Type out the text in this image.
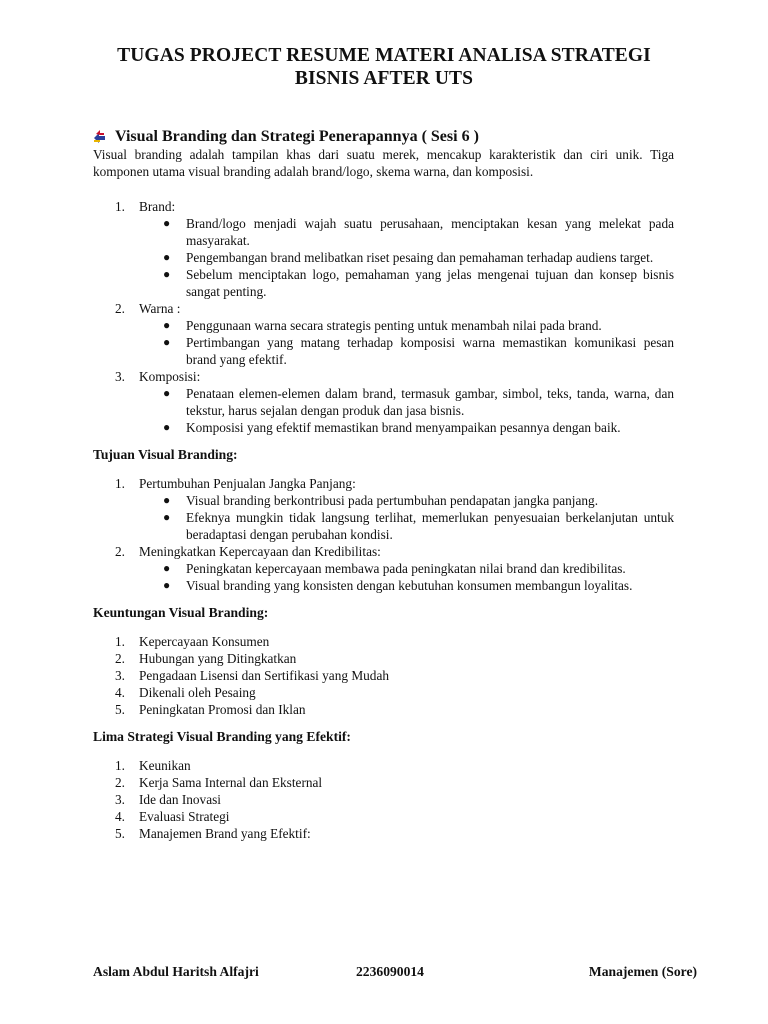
TUGAS PROJECT RESUME MATERI ANALISA STRATEGI
BISNIS AFTER UTS
Visual Branding dan Strategi Penerapannya ( Sesi 6 )
Visual branding adalah tampilan khas dari suatu merek, mencakup karakteristik dan ciri unik. Tiga komponen utama visual branding adalah brand/logo, skema warna, dan komposisi.
1. Brand:
● Brand/logo menjadi wajah suatu perusahaan, menciptakan kesan yang melekat pada masyarakat.
● Pengembangan brand melibatkan riset pesaing dan pemahaman terhadap audiens target.
● Sebelum menciptakan logo, pemahaman yang jelas mengenai tujuan dan konsep bisnis sangat penting.
2. Warna :
● Penggunaan warna secara strategis penting untuk menambah nilai pada brand.
● Pertimbangan yang matang terhadap komposisi warna memastikan komunikasi pesan brand yang efektif.
3. Komposisi:
● Penataan elemen-elemen dalam brand, termasuk gambar, simbol, teks, tanda, warna, dan tekstur, harus sejalan dengan produk dan jasa bisnis.
● Komposisi yang efektif memastikan brand menyampaikan pesannya dengan baik.
Tujuan Visual Branding:
1. Pertumbuhan Penjualan Jangka Panjang:
● Visual branding berkontribusi pada pertumbuhan pendapatan jangka panjang.
● Efeknya mungkin tidak langsung terlihat, memerlukan penyesuaian berkelanjutan untuk beradaptasi dengan perubahan kondisi.
2. Meningkatkan Kepercayaan dan Kredibilitas:
● Peningkatan kepercayaan membawa pada peningkatan nilai brand dan kredibilitas.
● Visual branding yang konsisten dengan kebutuhan konsumen membangun loyalitas.
Keuntungan Visual Branding:
1. Kepercayaan Konsumen
2. Hubungan yang Ditingkatkan
3. Pengadaan Lisensi dan Sertifikasi yang Mudah
4. Dikenali oleh Pesaing
5. Peningkatan Promosi dan Iklan
Lima Strategi Visual Branding yang Efektif:
1. Keunikan
2. Kerja Sama Internal dan Eksternal
3. Ide dan Inovasi
4. Evaluasi Strategi
5. Manajemen Brand yang Efektif:
Aslam Abdul Haritsh Alfajri	2236090014	Manajemen (Sore)
